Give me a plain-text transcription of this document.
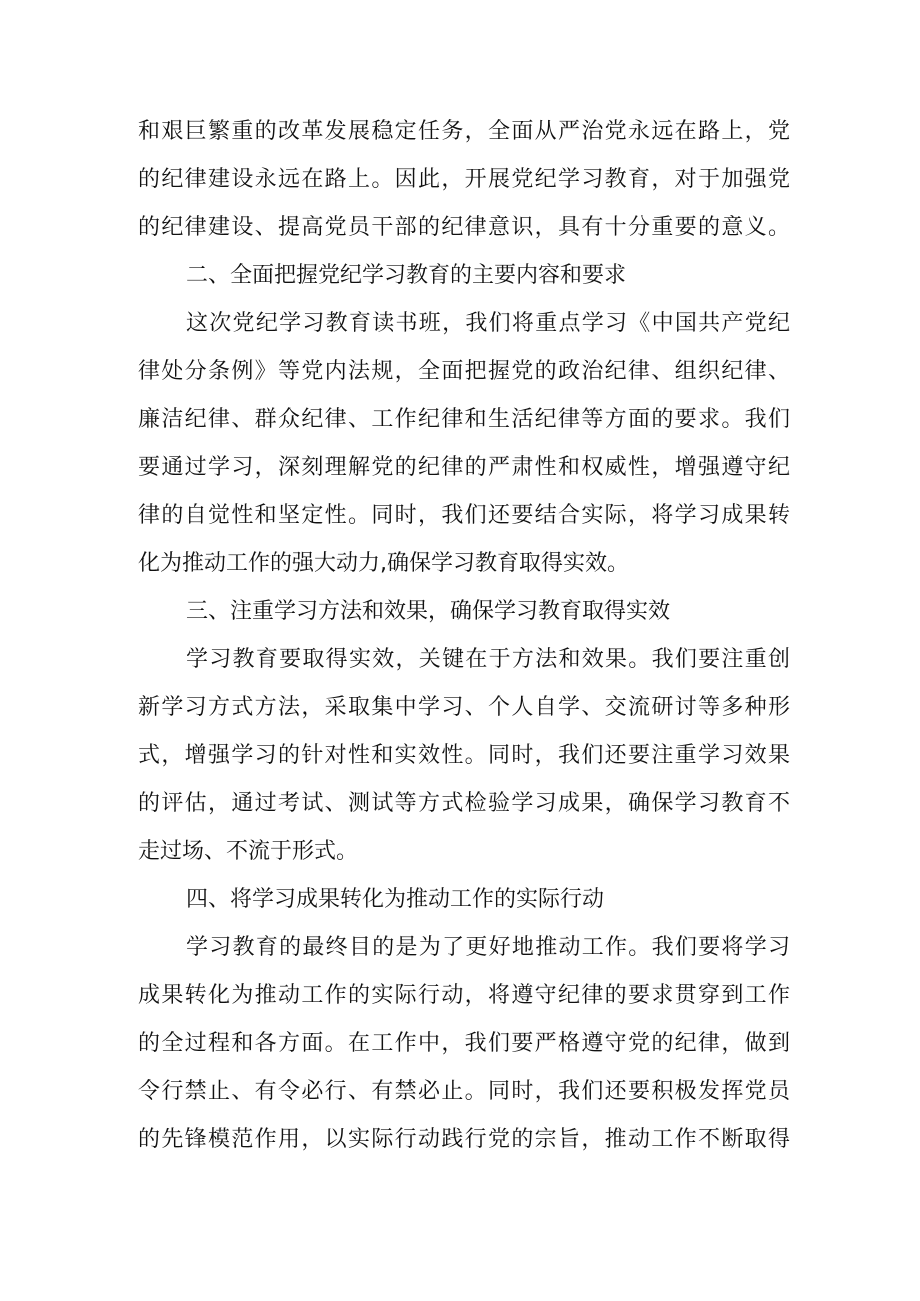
和艰巨繁重的改革发展稳定任务，全面从严治党永远在路上，党
的纪律建设永远在路上。因此，开展党纪学习教育，对于加强党
的纪律建设、提高党员干部的纪律意识，具有十分重要的意义。
二、全面把握党纪学习教育的主要内容和要求
这次党纪学习教育读书班，我们将重点学习《中国共产党纪
律处分条例》等党内法规，全面把握党的政治纪律、组织纪律、
廉洁纪律、群众纪律、工作纪律和生活纪律等方面的要求。我们
要通过学习，深刻理解党的纪律的严肃性和权威性，增强遵守纪
律的自觉性和坚定性。同时，我们还要结合实际，将学习成果转
化为推动工作的强大动力,确保学习教育取得实效。
三、注重学习方法和效果，确保学习教育取得实效
学习教育要取得实效，关键在于方法和效果。我们要注重创
新学习方式方法，采取集中学习、个人自学、交流研讨等多种形
式，增强学习的针对性和实效性。同时，我们还要注重学习效果
的评估，通过考试、测试等方式检验学习成果，确保学习教育不
走过场、不流于形式。
四、将学习成果转化为推动工作的实际行动
学习教育的最终目的是为了更好地推动工作。我们要将学习
成果转化为推动工作的实际行动，将遵守纪律的要求贯穿到工作
的全过程和各方面。在工作中，我们要严格遵守党的纪律，做到
令行禁止、有令必行、有禁必止。同时，我们还要积极发挥党员
的先锋模范作用，以实际行动践行党的宗旨，推动工作不断取得
